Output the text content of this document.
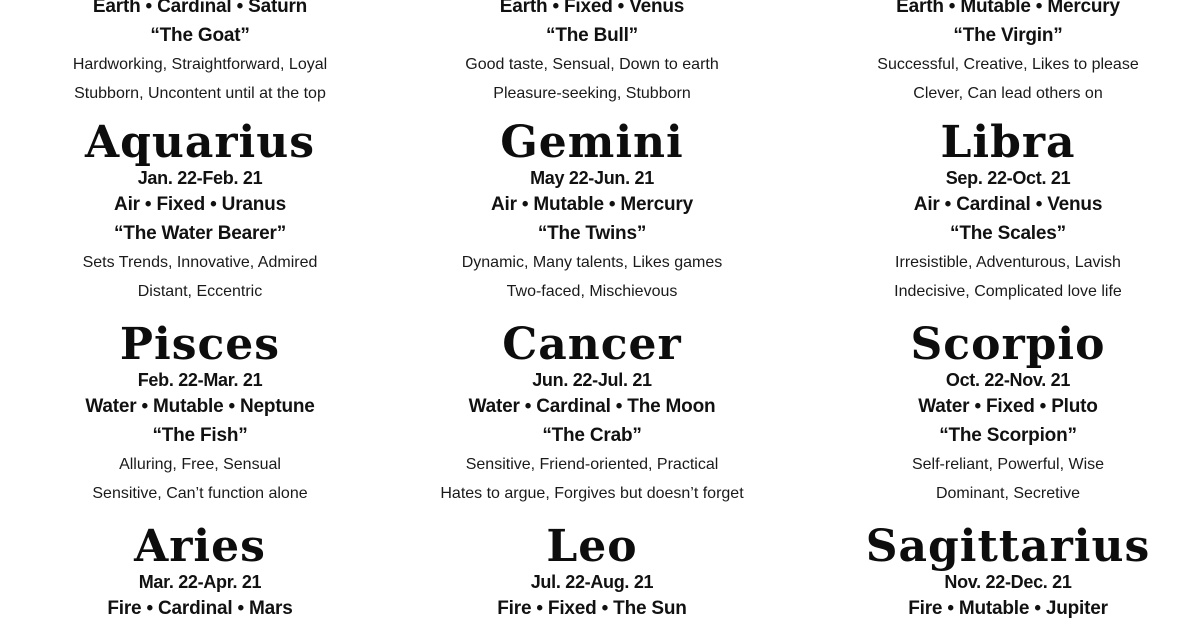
Earth • Cardinal • Saturn
“The Goat”
Hardworking, Straightforward, Loyal
Stubborn, Uncontent until at the top
Aquarius
Jan. 22-Feb. 21
Air • Fixed • Uranus
“The Water Bearer”
Sets Trends, Innovative, Admired
Distant, Eccentric
Pisces
Feb. 22-Mar. 21
Water • Mutable • Neptune
“The Fish”
Alluring, Free, Sensual
Sensitive, Can’t function alone
Aries
Mar. 22-Apr. 21
Fire • Cardinal • Mars
Earth • Fixed • Venus
“The Bull”
Good taste, Sensual, Down to earth
Pleasure-seeking, Stubborn
Gemini
May 22-Jun. 21
Air • Mutable • Mercury
“The Twins”
Dynamic, Many talents, Likes games
Two-faced, Mischievous
Cancer
Jun. 22-Jul. 21
Water • Cardinal • The Moon
“The Crab”
Sensitive, Friend-oriented, Practical
Hates to argue, Forgives but doesn’t forget
Leo
Jul. 22-Aug. 21
Fire • Fixed • The Sun
Earth • Mutable • Mercury
“The Virgin”
Successful, Creative, Likes to please
Clever, Can lead others on
Libra
Sep. 22-Oct. 21
Air • Cardinal • Venus
“The Scales”
Irresistible, Adventurous, Lavish
Indecisive, Complicated love life
Scorpio
Oct. 22-Nov. 21
Water • Fixed • Pluto
“The Scorpion”
Self-reliant, Powerful, Wise
Dominant, Secretive
Sagittarius
Nov. 22-Dec. 21
Fire • Mutable • Jupiter
